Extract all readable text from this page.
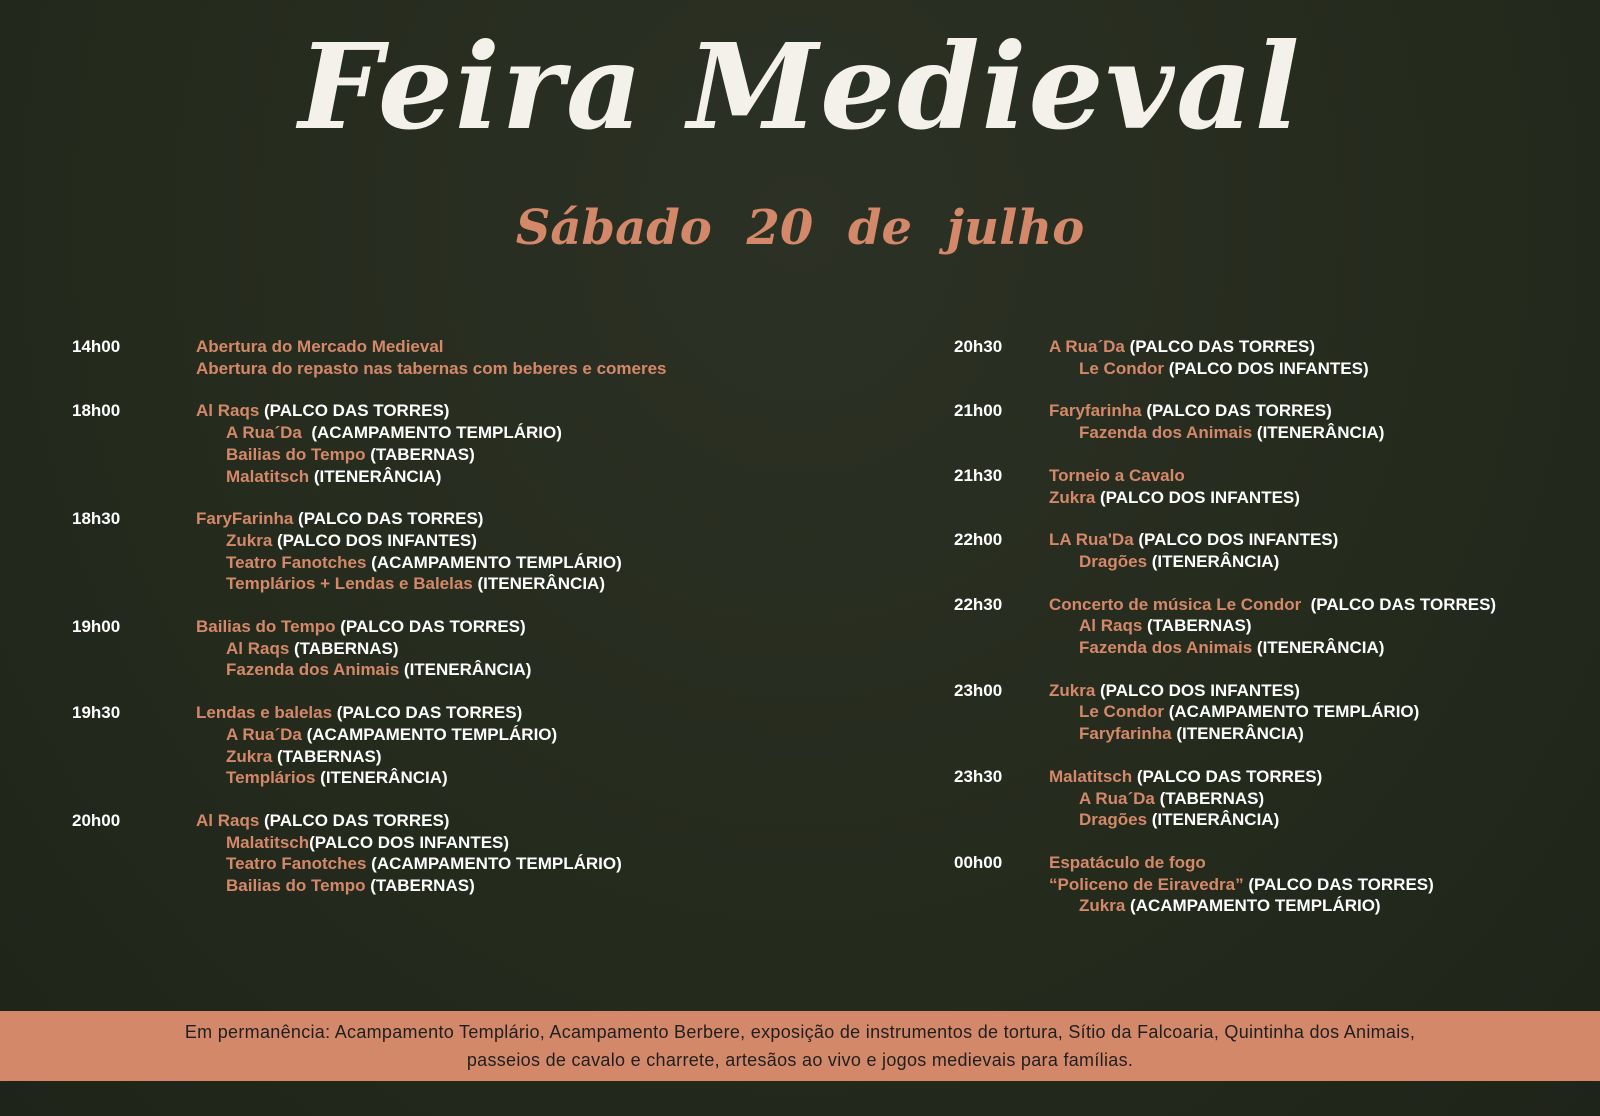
Feira Medieval
Sábado 20 de julho
14h00	Abertura do Mercado Medieval
Abertura do repasto nas tabernas com beberes e comeres
18h00	Al Raqs (PALCO DAS TORRES)
A Rua´Da  (ACAMPAMENTO TEMPLÁRIO)
Bailias do Tempo (TABERNAS)
Malatitsch (ITENERÂNCIA)
18h30	FaryFarinha (PALCO DAS TORRES)
Zukra (PALCO DOS INFANTES)
Teatro Fanotches (ACAMPAMENTO TEMPLÁRIO)
Templários + Lendas e Balelas (ITENERÂNCIA)
19h00	Bailias do Tempo (PALCO DAS TORRES)
Al Raqs (TABERNAS)
Fazenda dos Animais (ITENERÂNCIA)
19h30	Lendas e balelas (PALCO DAS TORRES)
A Rua´Da (ACAMPAMENTO TEMPLÁRIO)
Zukra (TABERNAS)
Templários (ITENERÂNCIA)
20h00	Al Raqs (PALCO DAS TORRES)
Malatitsch(PALCO DOS INFANTES)
Teatro Fanotches (ACAMPAMENTO TEMPLÁRIO)
Bailias do Tempo (TABERNAS)
20h30	A Rua´Da (PALCO DAS TORRES)
Le Condor (PALCO DOS INFANTES)
21h00	Faryfarinha (PALCO DAS TORRES)
Fazenda dos Animais (ITENERÂNCIA)
21h30	Torneio a Cavalo
Zukra (PALCO DOS INFANTES)
22h00	LA Rua'Da (PALCO DOS INFANTES)
Dragões (ITENERÂNCIA)
22h30	Concerto de música Le Condor  (PALCO DAS TORRES)
Al Raqs (TABERNAS)
Fazenda dos Animais (ITENERÂNCIA)
23h00	Zukra (PALCO DOS INFANTES)
Le Condor (ACAMPAMENTO TEMPLÁRIO)
Faryfarinha (ITENERÂNCIA)
23h30	Malatitsch (PALCO DAS TORRES)
A Rua´Da (TABERNAS)
Dragões (ITENERÂNCIA)
00h00	Espatáculo de fogo
“Policeno de Eiravedra” (PALCO DAS TORRES)
Zukra (ACAMPAMENTO TEMPLÁRIO)
Em permanência: Acampamento Templário, Acampamento Berbere, exposição de instrumentos de tortura, Sítio da Falcoaria, Quintinha dos Animais,
passeios de cavalo e charrete, artesãos ao vivo e jogos medievais para famílias.
